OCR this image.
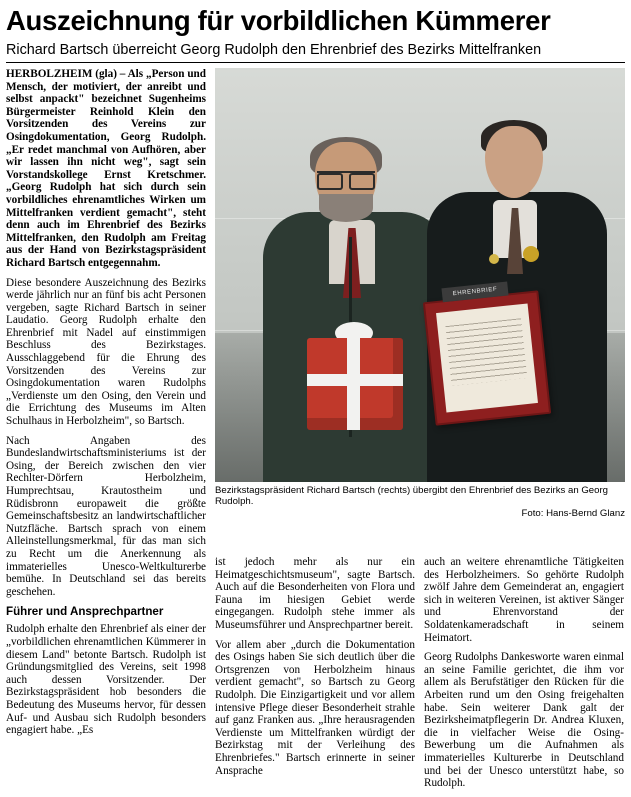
Auszeichnung für vorbildlichen Kümmerer
Richard Bartsch überreicht Georg Rudolph den Ehrenbrief des Bezirks Mittelfranken
EHRENBRIEF
Bezirkstagspräsident Richard Bartsch (rechts) übergibt den Ehrenbrief des Bezirks an Georg Rudolph.
Foto: Hans-Bernd Glanz

HERBOLZHEIM (gla) – Als „Person und Mensch, der motiviert, der anreibt und selbst anpackt" bezeichnet Sugenheims Bürgermeister Reinhold Klein den Vorsitzenden des Vereins zur Osingdokumentation, Georg Rudolph. „Er redet manchmal von Aufhören, aber wir lassen ihn nicht weg", sagt sein Vorstandskollege Ernst Kretschmer. „Georg Rudolph hat sich durch sein vorbildliches ehrenamtliches Wirken um Mittelfranken verdient gemacht", steht denn auch im Ehrenbrief des Bezirks Mittelfranken, den Rudolph am Freitag aus der Hand von Bezirkstagspräsident Richard Bartsch entgegennahm.

Diese besondere Auszeichnung des Bezirks werde jährlich nur an fünf bis acht Personen vergeben, sagte Richard Bartsch in seiner Laudatio. Georg Rudolph erhalte den Ehrenbrief mit Nadel auf einstimmigen Beschluss des Bezirkstages. Ausschlaggebend für die Ehrung des Vorsitzenden des Vereins zur Osingdokumentation waren Rudolphs „Verdienste um den Osing, den Verein und die Errichtung des Museums im Alten Schulhaus in Herbolzheim", so Bartsch.

Nach Angaben des Bundeslandwirtschaftsministeriums ist der Osing, der Bereich zwischen den vier Rechlter-Dörfern Herbolzheim, Humprechtsau, Krautostheim und Rüdisbronn europaweit die größte Gemeinschaftsbesitz an landwirtschaftlicher Nutzfläche. Bartsch sprach von einem Alleinstellungsmerkmal, für das man sich zu Recht um die Anerkennung als immaterielles Unesco-Weltkulturerbe bemühe. In Deutschland sei das bereits geschehen.

Führer und Ansprechpartner

Rudolph erhalte den Ehrenbrief als einer der „vorbildlichen ehrenamtlichen Kümmerer in diesem Land" betonte Bartsch. Rudolph ist Gründungsmitglied des Vereins, seit 1998 auch dessen Vorsitzender. Der Bezirkstagspräsident hob besonders die Bedeutung des Museums hervor, für dessen Auf- und Ausbau sich Rudolph besonders engagiert habe. „Es

ist jedoch mehr als nur ein Heimatgeschichtsmuseum", sagte Bartsch. Auch auf die Besonderheiten von Flora und Fauna im hiesigen Gebiet werde eingegangen. Rudolph stehe immer als Museumsführer und Ansprechpartner bereit.

Vor allem aber „durch die Dokumentation des Osings haben Sie sich deutlich über die Ortsgrenzen von Herbolzheim hinaus verdient gemacht", so Bartsch zu Georg Rudolph. Die Einzigartigkeit und vor allem intensive Pflege dieser Besonderheit strahle auf ganz Franken aus. „Ihre herausragenden Verdienste um Mittelfranken würdigt der Bezirkstag mit der Verleihung des Ehrenbriefes." Bartsch erinnerte in seiner Ansprache

auch an weitere ehrenamtliche Tätigkeiten des Herbolzheimers. So gehörte Rudolph zwölf Jahre dem Gemeinderat an, engagiert sich in weiteren Vereinen, ist aktiver Sänger und Ehrenvorstand der Soldatenkameradschaft in seinem Heimatort.

Georg Rudolphs Dankesworte waren einmal an seine Familie gerichtet, die ihm vor allem als Berufstätiger den Rücken für die Arbeiten rund um den Osing freigehalten habe. Sein weiterer Dank galt der Bezirksheimatpflegerin Dr. Andrea Kluxen, die in vielfacher Weise die Osing-Bewerbung um die Aufnahmen als immaterielles Kulturerbe in Deutschland und bei der Unesco unterstützt habe, so Rudolph.
